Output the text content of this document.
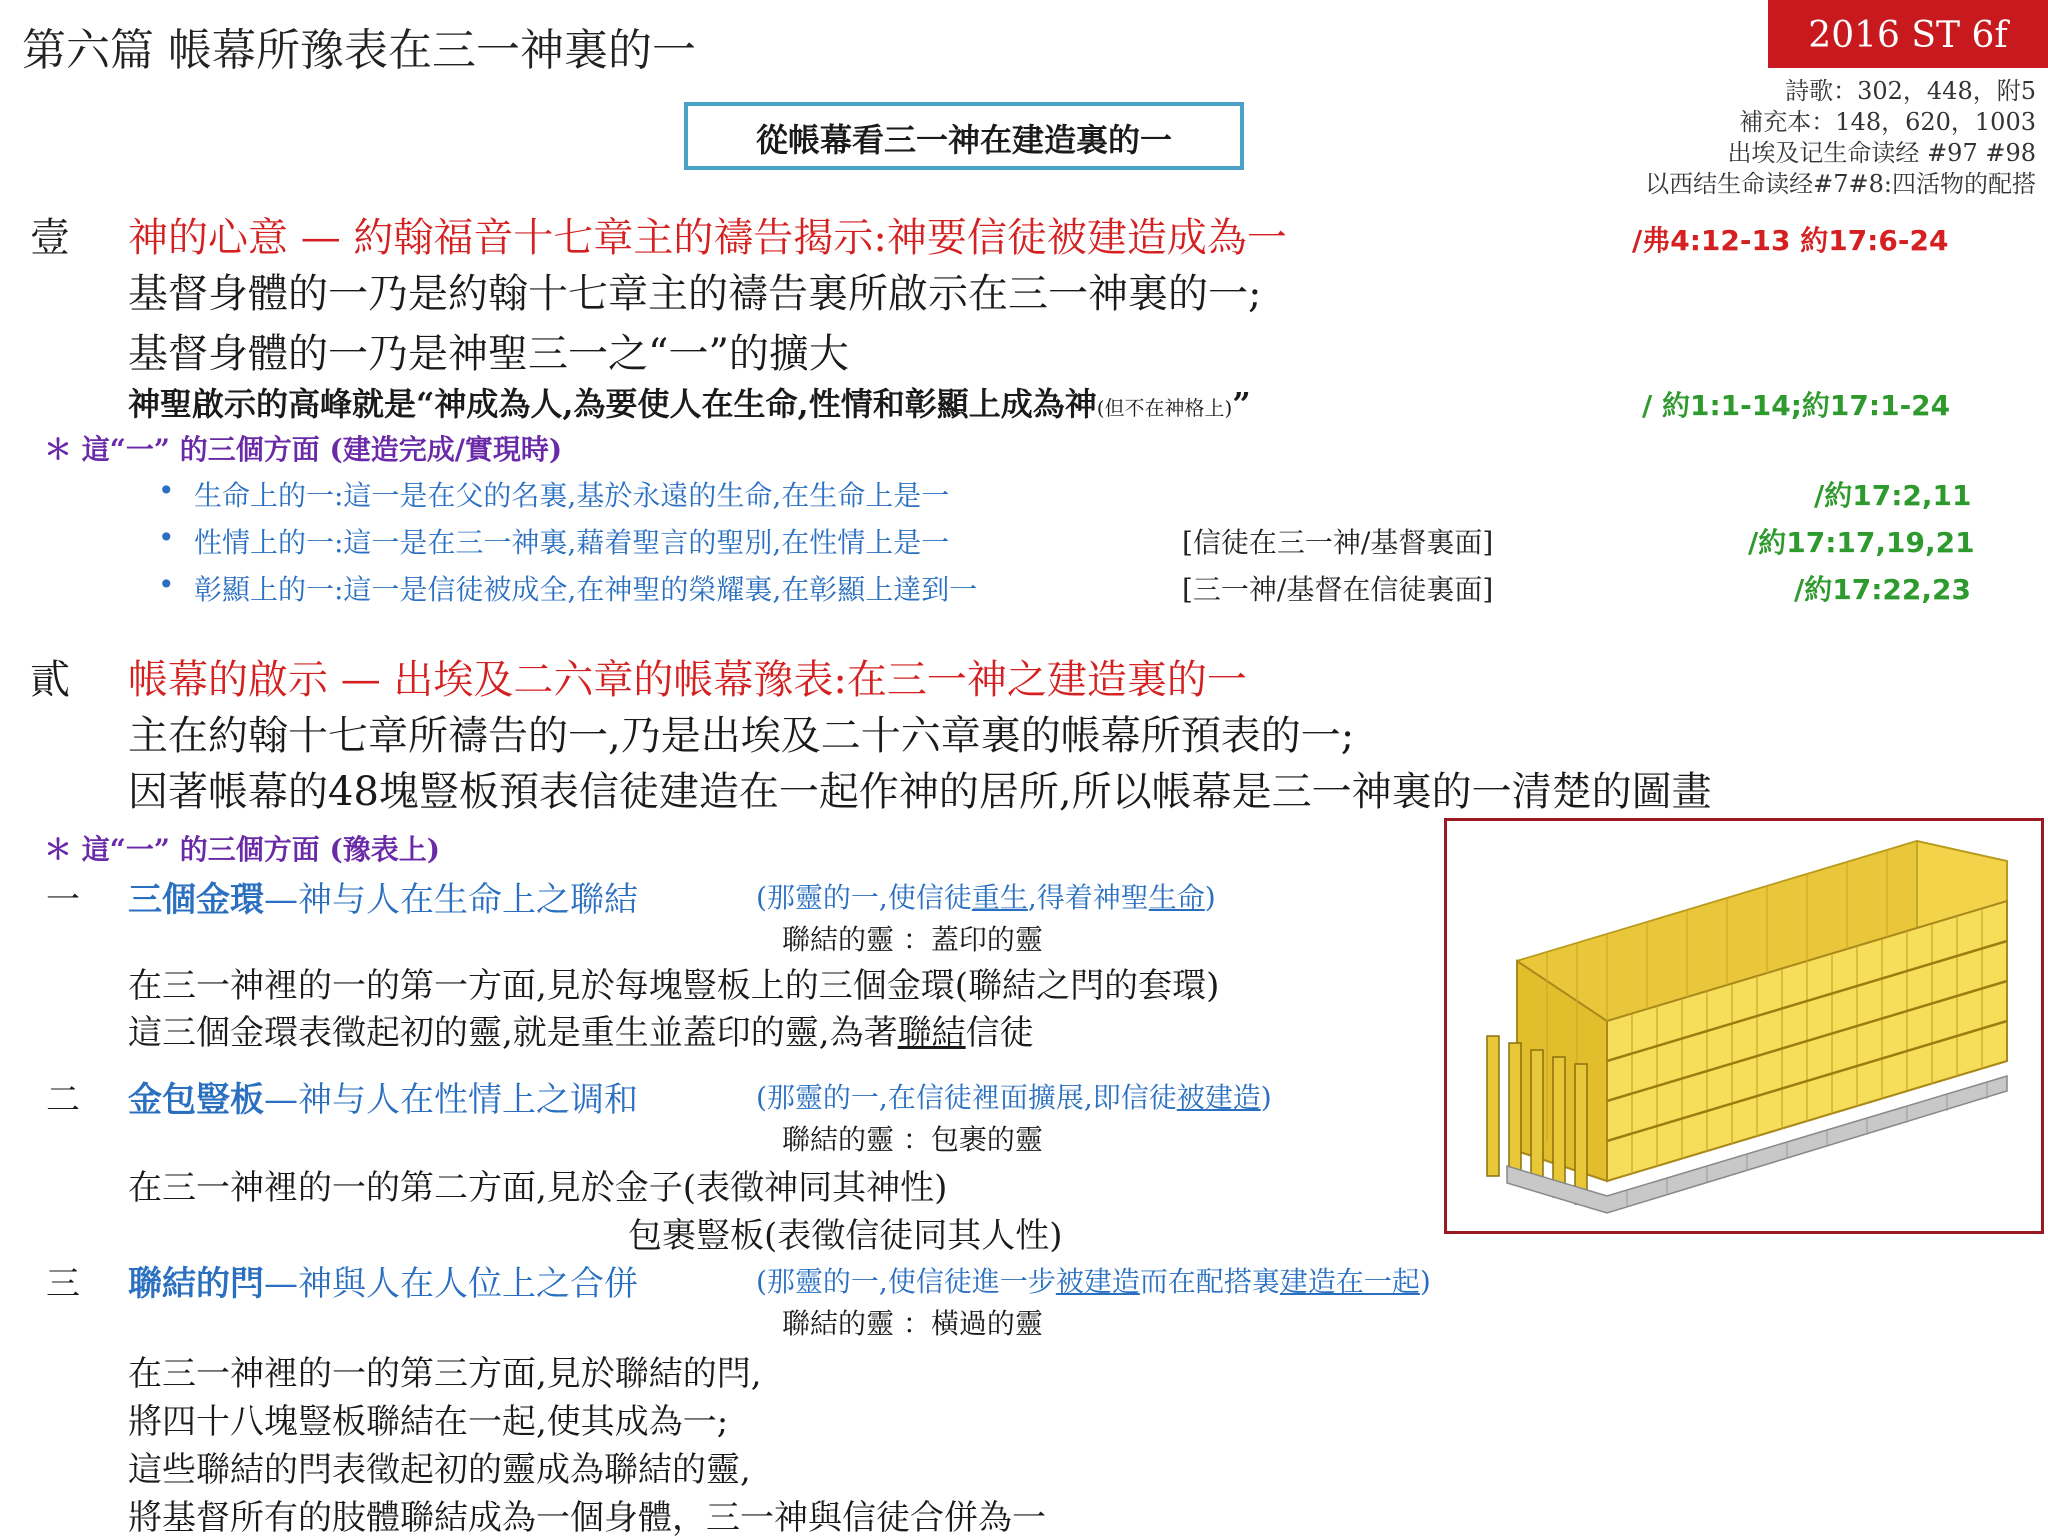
第六篇 帳幕所豫表在三一神裏的一	2016 ST 6f
詩歌：302，448，附5
補充本：148，620，1003
出埃及记生命读经 #97 #98
以西结生命读经#7#8:四活物的配搭
從帳幕看三一神在建造裏的一
壹 神的心意 — 約翰福音十七章主的禱告揭示:神要信徒被建造成為一	/弗4:12-13 約17:6-24
基督身體的一乃是約翰十七章主的禱告裏所啟示在三一神裏的一;
基督身體的一乃是神聖三一之“一”的擴大
神聖啟示的高峰就是“神成為人,為要使人在生命,性情和彰顯上成為神(但不在神格上)”	/ 約1:1-14;約17:1-24
＊ 這“一” 的三個方面 (建造完成/實現時)
• 生命上的一:這一是在父的名裏,基於永遠的生命,在生命上是一	/約17:2,11
• 性情上的一:這一是在三一神裏,藉着聖言的聖別,在性情上是一	[信徒在三一神/基督裏面]	/約17:17,19,21
• 彰顯上的一:這一是信徒被成全,在神聖的榮耀裏,在彰顯上達到一	[三一神/基督在信徒裏面]	/約17:22,23
貳 帳幕的啟示 — 出埃及二六章的帳幕豫表:在三一神之建造裏的一
主在約翰十七章所禱告的一,乃是出埃及二十六章裏的帳幕所預表的一;
因著帳幕的48塊豎板預表信徒建造在一起作神的居所,所以帳幕是三一神裏的一清楚的圖畫
＊ 這“一” 的三個方面 (豫表上)
一 三個金環—神与人在生命上之聯結	(那靈的一,使信徒重生,得着神聖生命)
聯結的靈 ：蓋印的靈
在三一神裡的一的第一方面,見於每塊豎板上的三個金環(聯結之閂的套環)
這三個金環表徵起初的靈,就是重生並蓋印的靈,為著聯結信徒
二 金包豎板—神与人在性情上之调和	(那靈的一,在信徒裡面擴展,即信徒被建造)
聯結的靈 ：包裹的靈
在三一神裡的一的第二方面,見於金子(表徵神同其神性)
包裹豎板(表徵信徒同其人性)
三 聯結的閂—神與人在人位上之合併	(那靈的一,使信徒進一步被建造而在配搭裏建造在一起)
聯結的靈 ：橫過的靈
在三一神裡的一的第三方面,見於聯結的閂,
將四十八塊豎板聯結在一起,使其成為一;
這些聯結的閂表徵起初的靈成為聯結的靈,
將基督所有的肢體聯結成為一個身體，三一神與信徒合併為一
